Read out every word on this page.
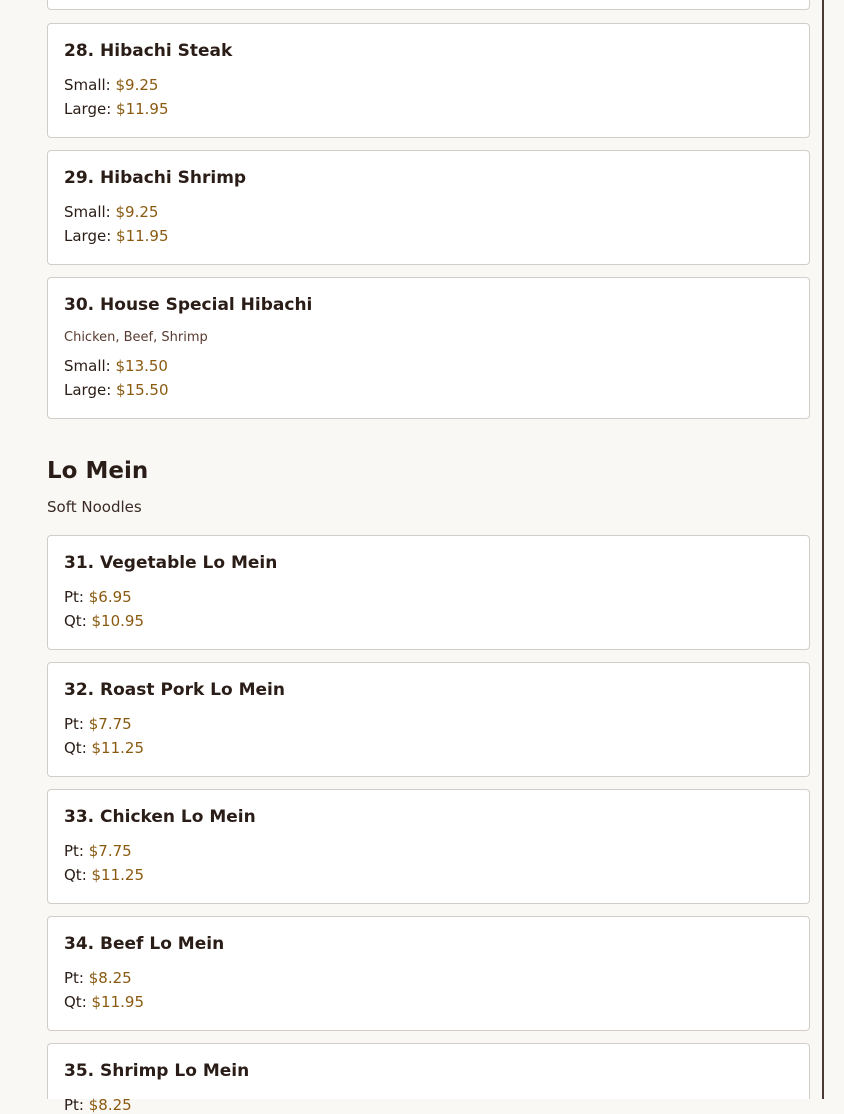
28. Hibachi Steak
Small: $9.25
Large: $11.95
29. Hibachi Shrimp
Small: $9.25
Large: $11.95
30. House Special Hibachi
Chicken, Beef, Shrimp
Small: $13.50
Large: $15.50
Lo Mein
Soft Noodles
31. Vegetable Lo Mein
Pt: $6.95
Qt: $10.95
32. Roast Pork Lo Mein
Pt: $7.75
Qt: $11.25
33. Chicken Lo Mein
Pt: $7.75
Qt: $11.25
34. Beef Lo Mein
Pt: $8.25
Qt: $11.95
35. Shrimp Lo Mein
Pt: $8.25
